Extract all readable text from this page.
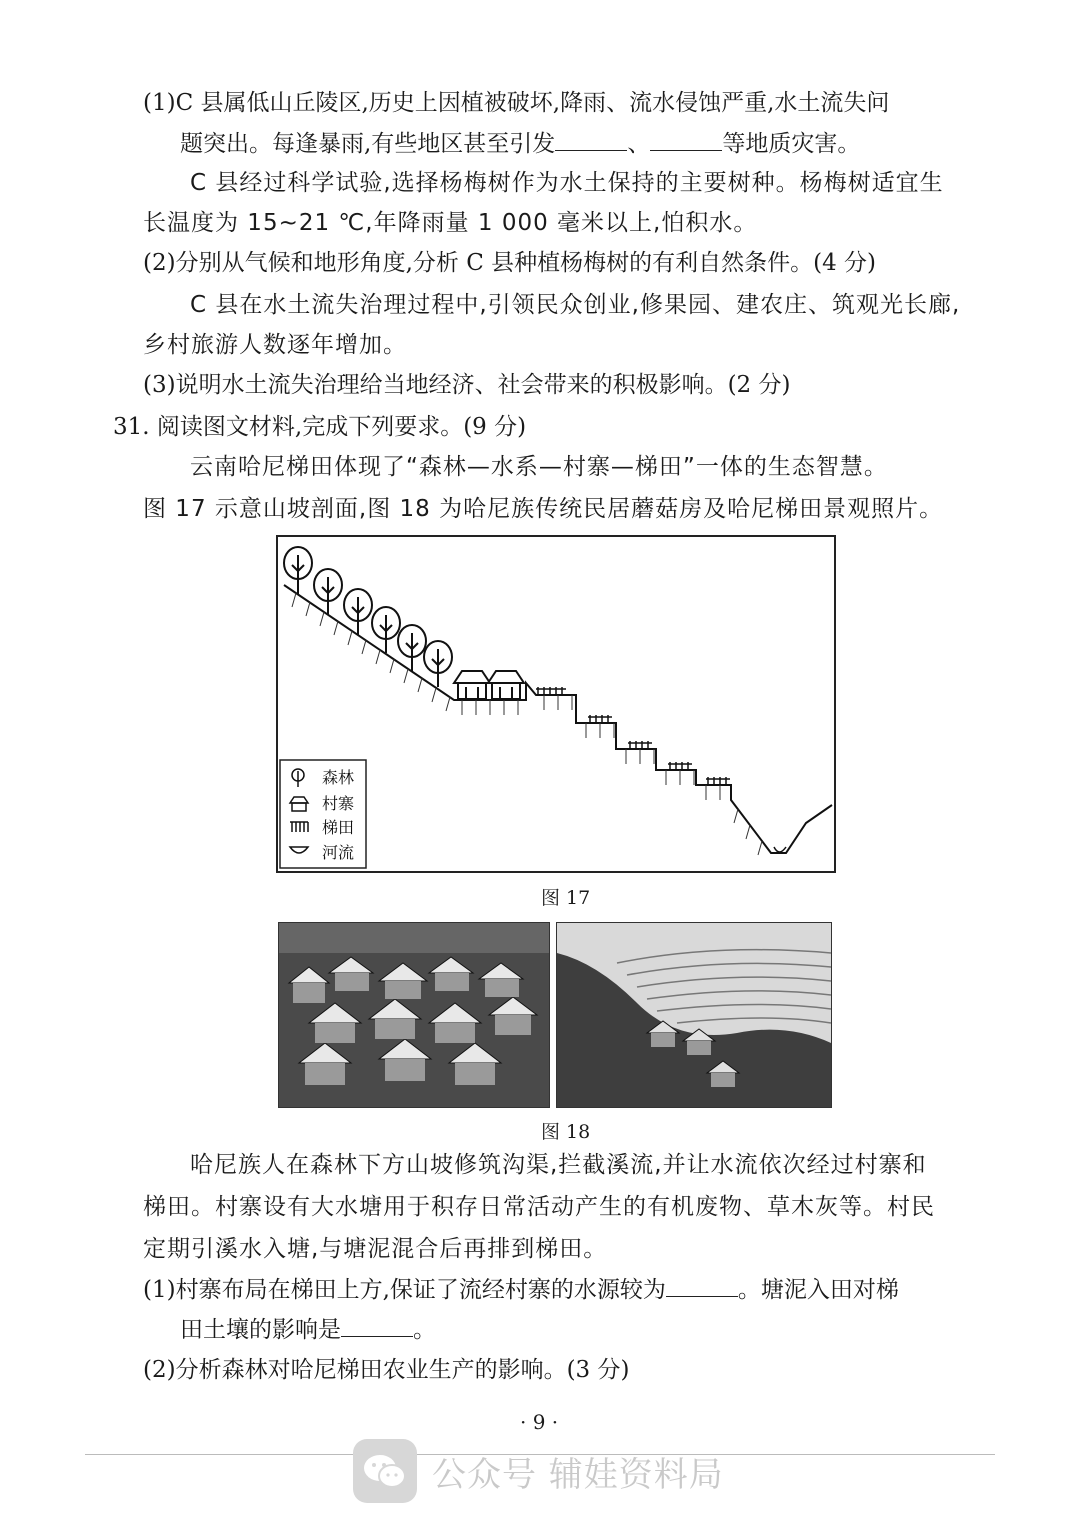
(1)C 县属低山丘陵区,历史上因植被破坏,降雨、流水侵蚀严重,水土流失问
题突出。每逢暴雨,有些地区甚至引发	、	等地质灾害。
C 县经过科学试验,选择杨梅树作为水土保持的主要树种。杨梅树适宜生
长温度为 15~21 ℃,年降雨量 1 000 毫米以上,怕积水。
(2)分别从气候和地形角度,分析 C 县种植杨梅树的有利自然条件。(4 分)
C 县在水土流失治理过程中,引领民众创业,修果园、建农庄、筑观光长廊,
乡村旅游人数逐年增加。
(3)说明水土流失治理给当地经济、社会带来的积极影响。(2 分)
31. 阅读图文材料,完成下列要求。(9 分)
云南哈尼梯田体现了“森林—水系—村寨—梯田”一体的生态智慧。
图 17 示意山坡剖面,图 18 为哈尼族传统民居蘑菇房及哈尼梯田景观照片。
森林
村寨
梯田
河流
图 17
图 18
哈尼族人在森林下方山坡修筑沟渠,拦截溪流,并让水流依次经过村寨和
梯田。村寨设有大水塘用于积存日常活动产生的有机废物、草木灰等。村民
定期引溪水入塘,与塘泥混合后再排到梯田。
(1)村寨布局在梯田上方,保证了流经村寨的水源较为	。塘泥入田对梯
田土壤的影响是	。
(2)分析森林对哈尼梯田农业生产的影响。(3 分)
· 9 ·
公众号 辅娃资料局
